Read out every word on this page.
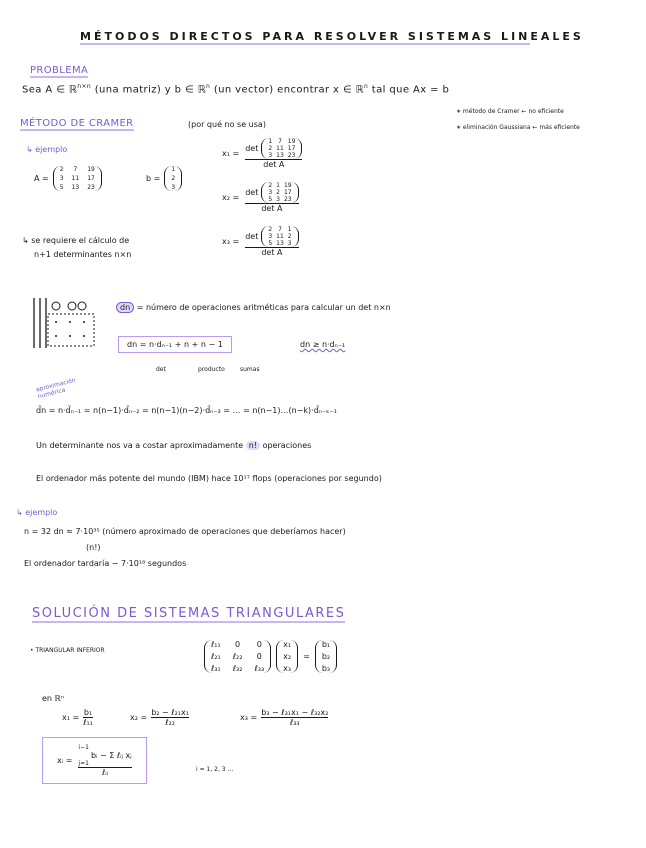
MÉTODOS DIRECTOS PARA RESOLVER SISTEMAS LINEALES
PROBLEMA
Sea A ∈ ℝ$^{n\times n}$ (una matriz) y b ∈ ℝ$^n$ (un vector) encontrar x ∈ ℝ$^n$ tal que Ax = b
∗ método de Cramer ← no eficiente
∗ eliminación Gaussiana ← más eficiente
MÉTODO DE CRAMER	(por qué no se usa)
↳ ejemplo
A =
2	7	19
3 11 17
5 13 23
b =
1
2
3
x₁ = det
1 7 19
2 11 17
3 13 23
det A
x₂ = det
2 1 19
3 2 17
5 3 23
det A
x₃ = det
2 7 1
3 11 2
5 13 3
det A
↳ se requiere el cálculo de
n+1 determinantes n×n
dn = número de operaciones aritméticas para calcular un det n×n
dn = n·dₙ₋₁ + n + n − 1
det	producto	sumas
dn ≥ n·dₙ₋₁
aproximación numérica
d̃n = n·d̃ₙ₋₁ = n(n−1)·d̃ₙ₋₂ = n(n−1)(n−2)·d̃ₙ₋₃ = … = n(n−1)…(n−k)·d̃ₙ₋ₖ₋₁
Un determinante nos va a costar aproximadamente n! operaciones
El ordenador más potente del mundo (IBM) hace 10¹⁷ flops (operaciones por segundo)
↳ ejemplo
n = 32 dn ≈ 7·10³⁵ (número aproximado de operaciones que deberíamos hacer)
(n!)
El ordenador tardaría ∼ 7·10¹⁸ segundos
SOLUCIÓN DE SISTEMAS TRIANGULARES
• TRIANGULAR INFERIOR
ℓ₁₁ 0 0
ℓ₂₁ ℓ₂₂ 0
ℓ₃₁ ℓ₃₂ ℓ₃₃
x₁
x₂
x₃
=
b₁
b₂
b₃
en ℝⁿ
$x_1 = \frac{\text{b₁}}{\text{ℓ₁₁}}$	$x_2 = \frac{\text{b₂ − ℓ₂₁x₁}}{\text{ℓ₂₂}}$	$x_3 = \frac{\text{b₃ − ℓ₃₁x₁ − ℓ₃₂x₂}}{\text{ℓ₃₃}}$
xᵢ = i−1

j=1
bᵢ − Σ ℓᵢⱼ xⱼ
ℓᵢᵢ	i = 1, 2, 3 …
